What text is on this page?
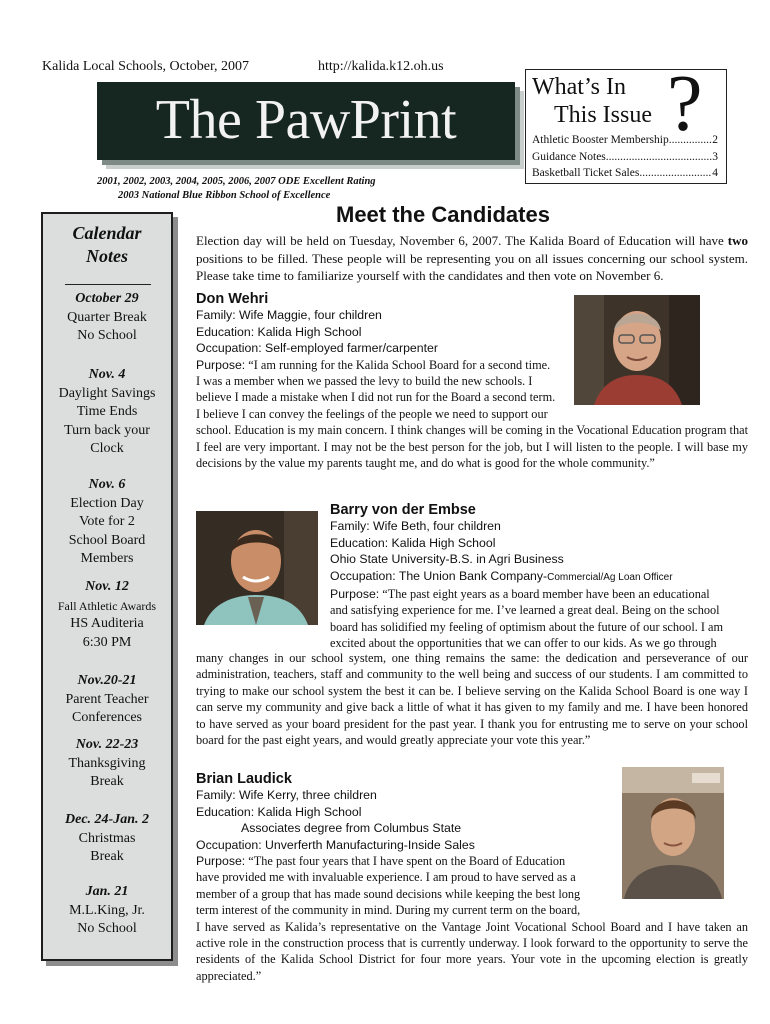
Kalida Local Schools, October, 2007	http://kalida.k12.oh.us
The PawPrint
2001, 2002, 2003, 2004, 2005, 2006, 2007 ODE Excellent Rating
2003 National Blue Ribbon School of Excellence
What’s In
This Issue ?
Athletic Booster Membership .....	2
Guidance Notes .....	3
Basketball Ticket Sales .....	4
Calendar
Notes
October 29
Quarter Break
No School
Nov. 4
Daylight Savings
Time Ends
Turn back your
Clock
Nov. 6
Election Day
Vote for 2
School Board
Members
Nov. 12
Fall Athletic Awards
HS Auditeria
6:30 PM
Nov.20-21
Parent Teacher
Conferences
Nov. 22-23
Thanksgiving
Break
Dec. 24-Jan. 2
Christmas
Break
Jan. 21
M.L.King, Jr.
No School
Meet the Candidates
Election day will be held on Tuesday, November 6, 2007. The Kalida Board of Education will have two positions to be filled. These people will be representing you on all issues concerning our school system. Please take time to familiarize yourself with the candidates and then vote on November 6.
Don Wehri
Family: Wife Maggie, four children
Education: Kalida High School
Occupation: Self-employed farmer/carpenter
Purpose: “I am running for the Kalida School Board for a second time.
I was a member when we passed the levy to build the new schools. I
believe I made a mistake when I did not run for the Board a second term.
I believe I can convey the feelings of the people we need to support our
school. Education is my main concern. I think changes will be coming in the Vocational Education program that I feel are very important. I may not be the best person for the job, but I will listen to the people. I will base my decisions by the value my parents taught me, and do what is good for the whole community.”
Barry von der Embse
Family: Wife Beth, four children
Education: Kalida High School
Ohio State University-B.S. in Agri Business
Occupation: The Union Bank Company-Commercial/Ag Loan Officer
Purpose: “The past eight years as a board member have been an educational
and satisfying experience for me. I’ve learned a great deal. Being on the school
board has solidified my feeling of optimism about the future of our school. I am
excited about the opportunities that we can offer to our kids. As we go through
many changes in our school system, one thing remains the same: the dedication and perseverance of our administration, teachers, staff and community to the well being and success of our students. I am committed to trying to make our school system the best it can be. I believe serving on the Kalida School Board is one way I can serve my community and give back a little of what it has given to my family and me. I have been honored to have served as your board president for the past year. I thank you for entrusting me to serve on your school board for the past eight years, and would greatly appreciate your vote this year.”
Brian Laudick
Family: Wife Kerry, three children
Education: Kalida High School
Associates degree from Columbus State
Occupation: Unverferth Manufacturing-Inside Sales
Purpose: “The past four years that I have spent on the Board of Education
have provided me with invaluable experience. I am proud to have served as a
member of a group that has made sound decisions while keeping the best long
term interest of the community in mind. During my current term on the board,
I have served as Kalida’s representative on the Vantage Joint Vocational School Board and I have taken an active role in the construction process that is currently underway. I look forward to the opportunity to serve the residents of the Kalida School District for four more years. Your vote in the upcoming election is greatly appreciated.”
